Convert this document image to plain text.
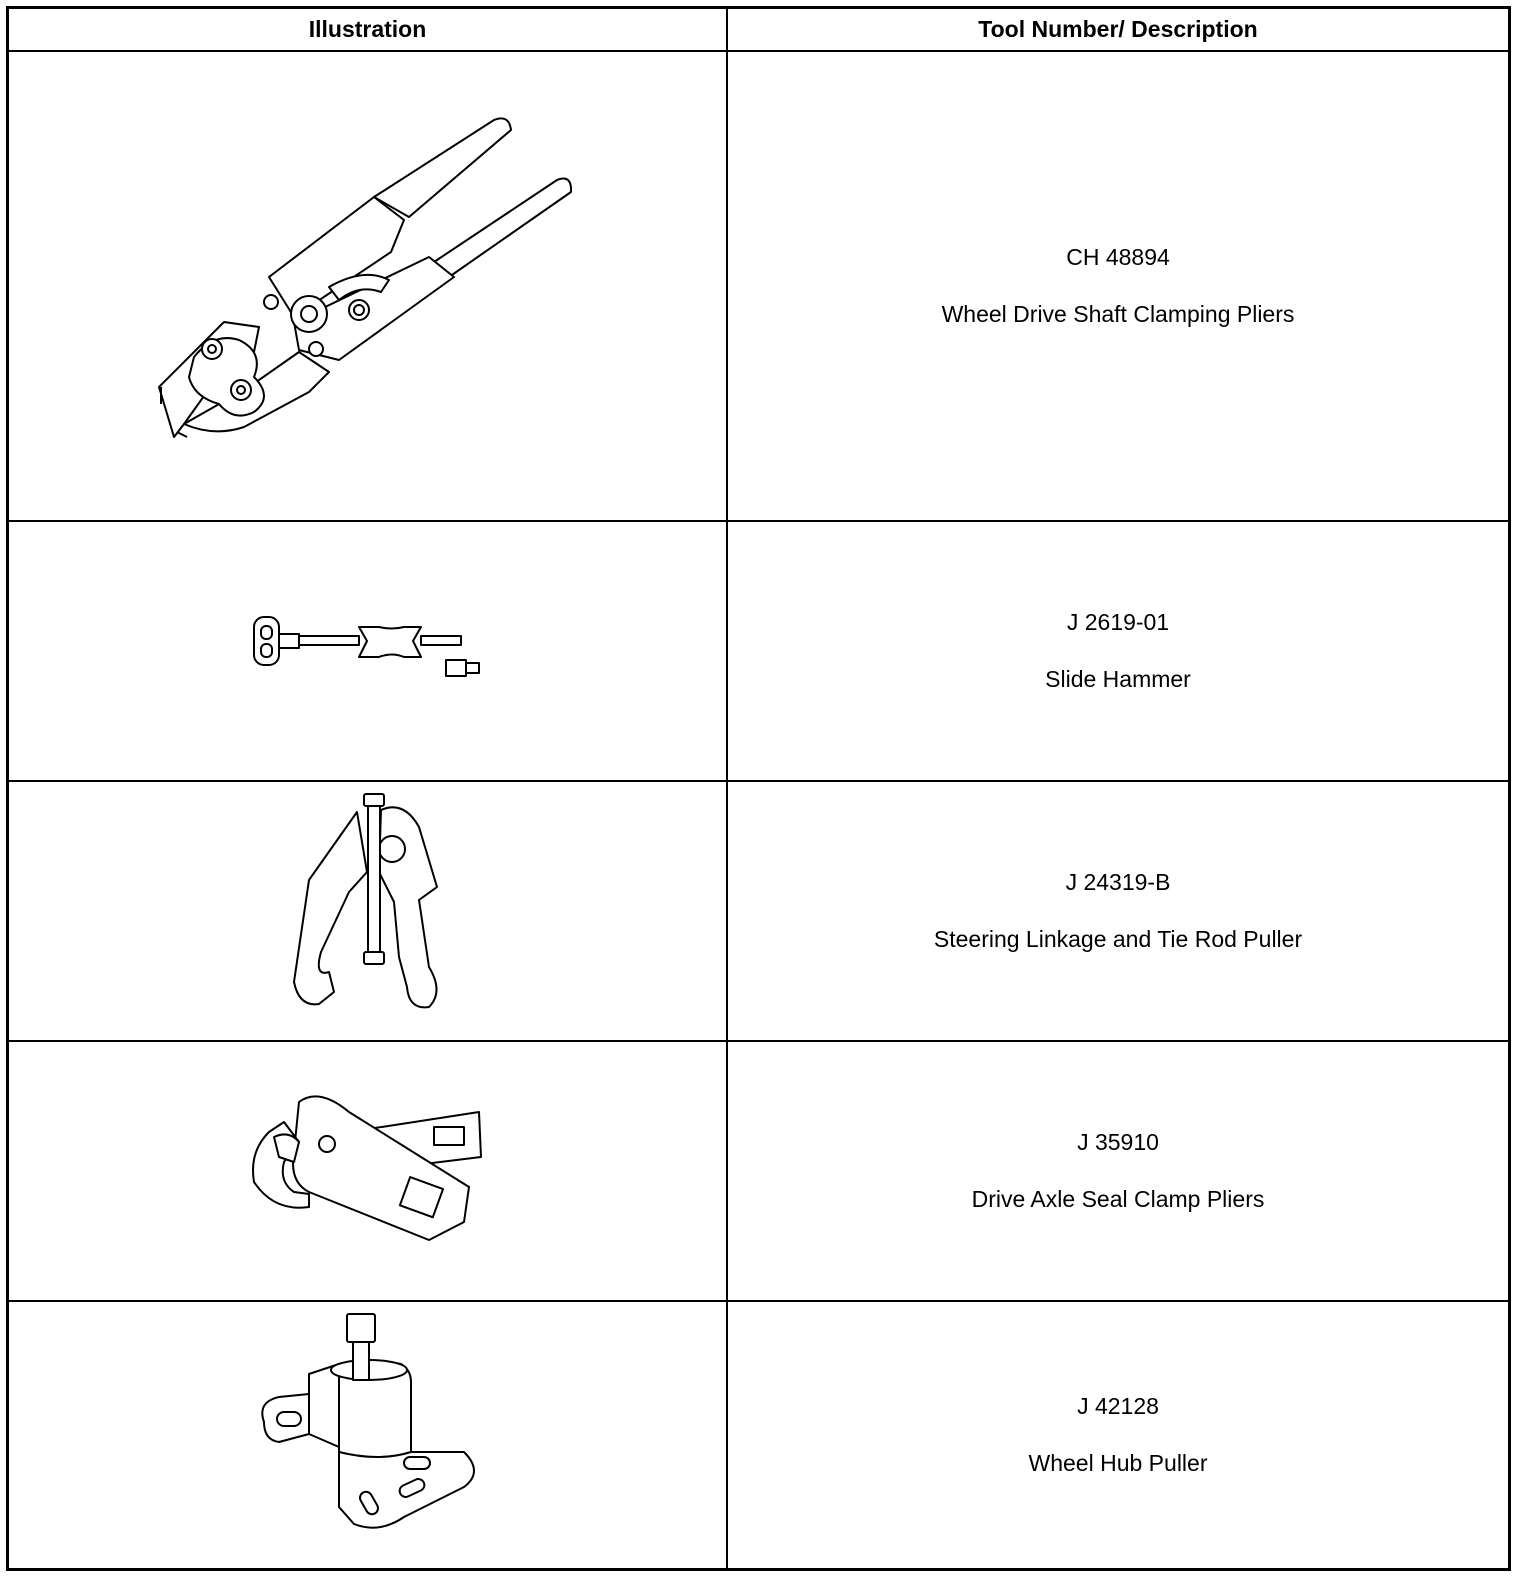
Illustration	Tool Number/ Description
CH 48894
Wheel Drive Shaft Clamping Pliers
J 2619-01
Slide Hammer
J 24319-B
Steering Linkage and Tie Rod Puller
J 35910
Drive Axle Seal Clamp Pliers
J 42128
Wheel Hub Puller
